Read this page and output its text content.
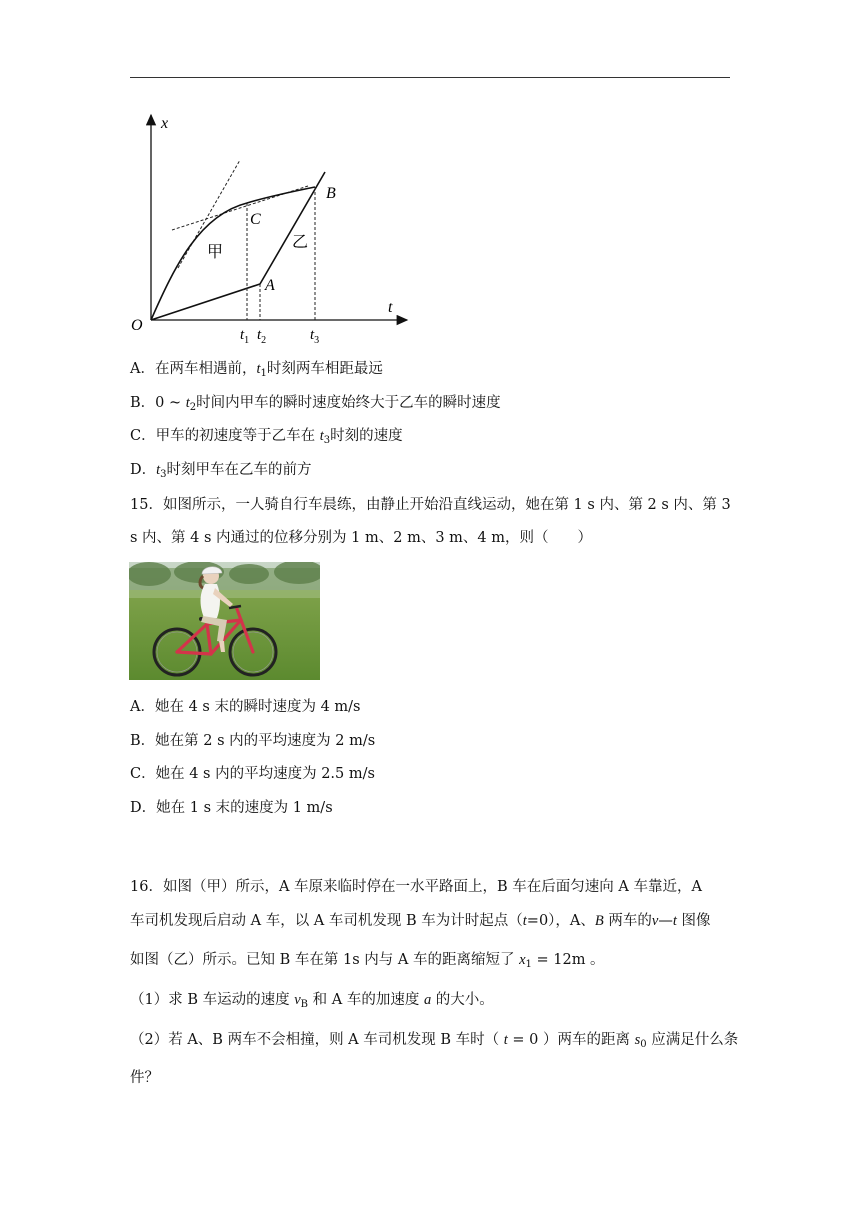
x
t
O
A
B
C
甲
乙
$t_1$ $t_2$	$t_3$
A．在两车相遇前，$t_1$时刻两车相距最远
B．0 ~ $t_2$时间内甲车的瞬时速度始终大于乙车的瞬时速度
C．甲车的初速度等于乙车在 $t_3$时刻的速度
D．$t_3$时刻甲车在乙车的前方
15．如图所示，一人骑自行车晨练，由静止开始沿直线运动，她在第 1 s 内、第 2 s 内、第 3
s 内、第 4 s 内通过的位移分别为 1 m、2 m、3 m、4 m，则（　　）
A．她在 4 s 末的瞬时速度为 4 m/s
B．她在第 2 s 内的平均速度为 2 m/s
C．她在 4 s 内的平均速度为 2.5 m/s
D．她在 1 s 末的速度为 1 m/s
16．如图（甲）所示，A 车原来临时停在一水平路面上，B 车在后面匀速向 A 车靠近，A
车司机发现后启动 A 车，以 A 车司机发现 B 车为计时起点（t=0），A、B 两车的v—t 图像
如图（乙）所示。已知 B 车在第 1s 内与 A 车的距离缩短了 $x_1 = 12m$ 。
（1）求 B 车运动的速度 $v_B$ 和 A 车的加速度 a 的大小。
（2）若 A、B 两车不会相撞，则 A 车司机发现 B 车时（ t = 0 ）两车的距离 $s_0$ 应满足什么条
件？
